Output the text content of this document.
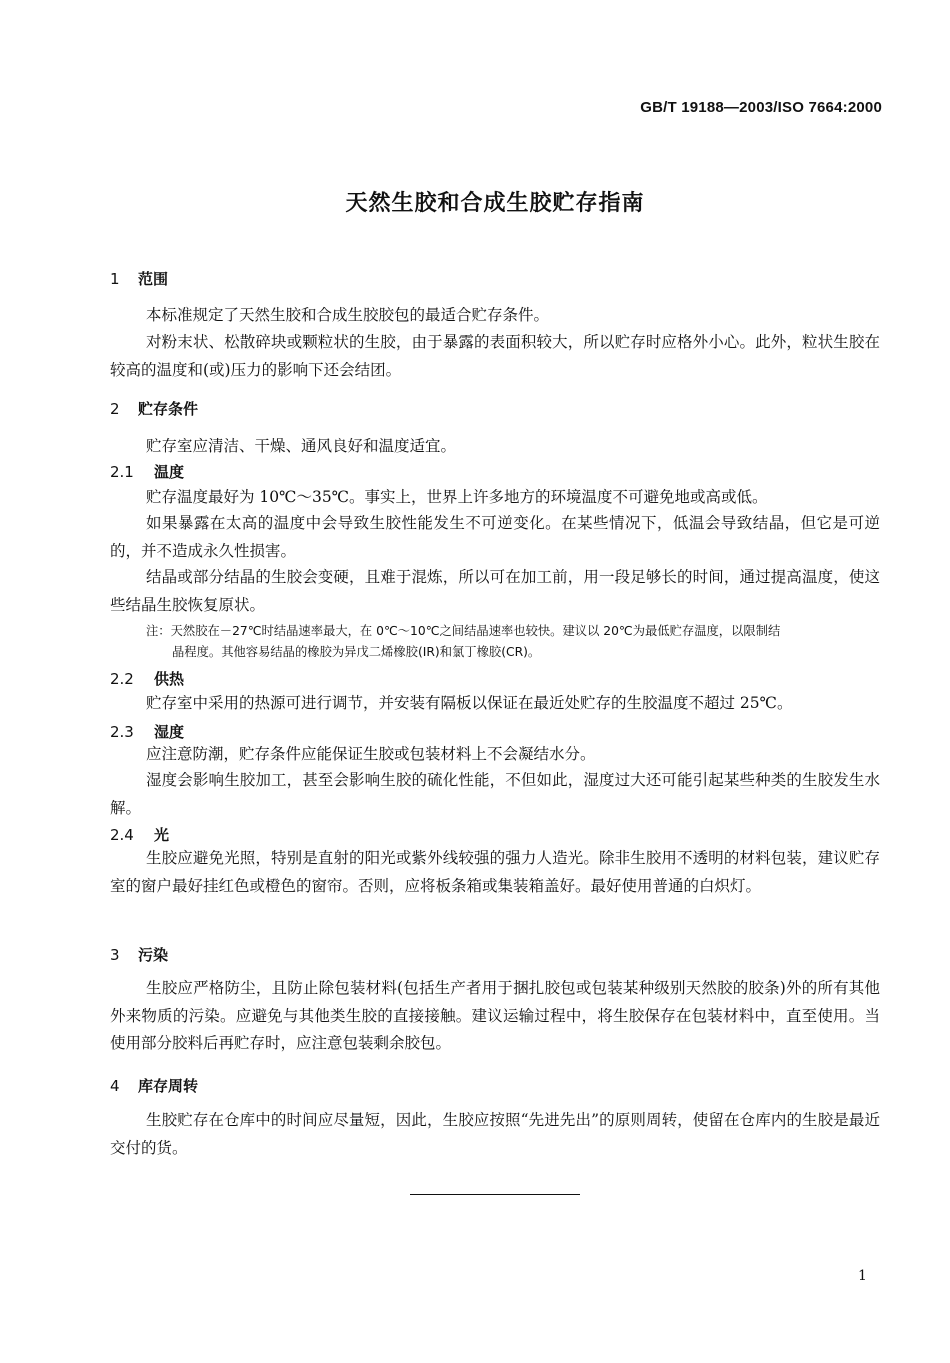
GB/T 19188—2003/ISO 7664:2000
天然生胶和合成生胶贮存指南
1 范围
本标准规定了天然生胶和合成生胶胶包的最适合贮存条件。
对粉末状、松散碎块或颗粒状的生胶，由于暴露的表面积较大，所以贮存时应格外小心。此外，粒状生胶在较高的温度和(或)压力的影响下还会结团。
2 贮存条件
贮存室应清洁、干燥、通风良好和温度适宜。
2.1 温度
贮存温度最好为 10℃～35℃。事实上，世界上许多地方的环境温度不可避免地或高或低。
如果暴露在太高的温度中会导致生胶性能发生不可逆变化。在某些情况下，低温会导致结晶，但它是可逆的，并不造成永久性损害。
结晶或部分结晶的生胶会变硬，且难于混炼，所以可在加工前，用一段足够长的时间，通过提高温度，使这些结晶生胶恢复原状。
注：天然胶在－27℃时结晶速率最大，在 0℃～10℃之间结晶速率也较快。建议以 20℃为最低贮存温度，以限制结
晶程度。其他容易结晶的橡胶为异戊二烯橡胶(IR)和氯丁橡胶(CR)。
2.2 供热
贮存室中采用的热源可进行调节，并安装有隔板以保证在最近处贮存的生胶温度不超过 25℃。
2.3 湿度
应注意防潮，贮存条件应能保证生胶或包装材料上不会凝结水分。
湿度会影响生胶加工，甚至会影响生胶的硫化性能，不但如此，湿度过大还可能引起某些种类的生胶发生水解。
2.4 光
生胶应避免光照，特别是直射的阳光或紫外线较强的强力人造光。除非生胶用不透明的材料包装，建议贮存室的窗户最好挂红色或橙色的窗帘。否则，应将板条箱或集装箱盖好。最好使用普通的白炽灯。
3 污染
生胶应严格防尘，且防止除包装材料(包括生产者用于捆扎胶包或包装某种级别天然胶的胶条)外的所有其他外来物质的污染。应避免与其他类生胶的直接接触。建议运输过程中，将生胶保存在包装材料中，直至使用。当使用部分胶料后再贮存时，应注意包装剩余胶包。
4 库存周转
生胶贮存在仓库中的时间应尽量短，因此，生胶应按照“先进先出”的原则周转，使留在仓库内的生胶是最近交付的货。
1
